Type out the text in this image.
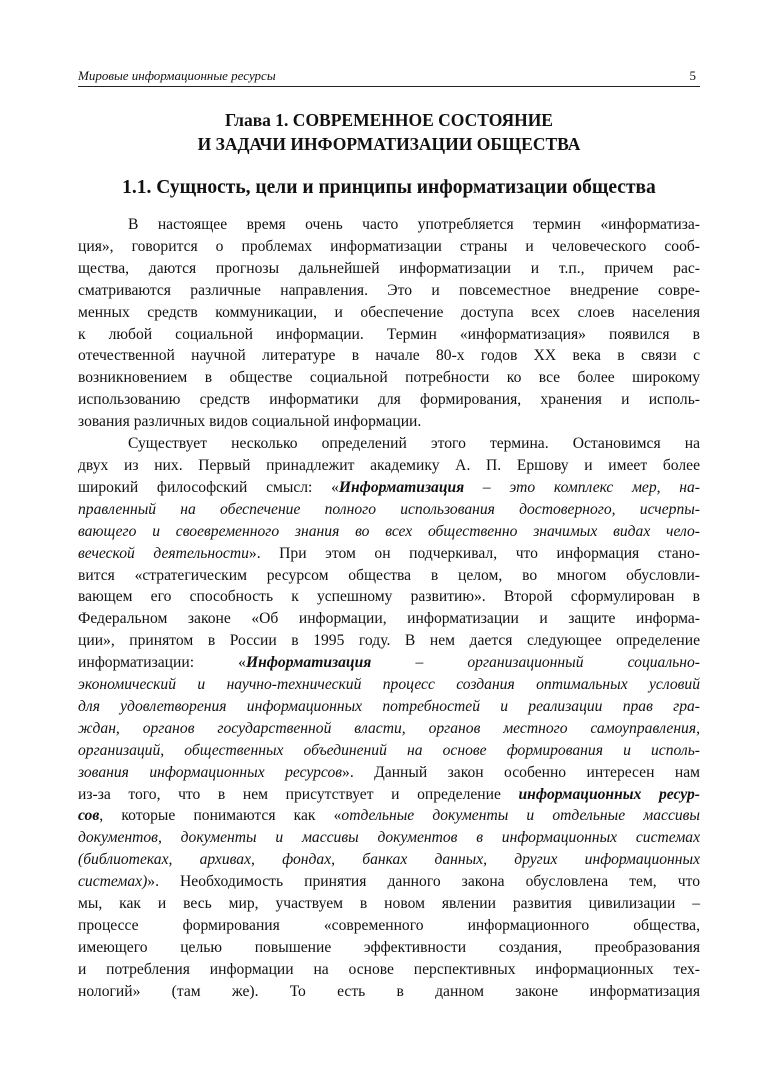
Мировые информационные ресурсы	5
Глава 1. СОВРЕМЕННОЕ СОСТОЯНИЕ
И ЗАДАЧИ ИНФОРМАТИЗАЦИИ ОБЩЕСТВА
1.1. Сущность, цели и принципы информатизации общества
В настоящее время очень часто употребляется термин «информатиза-
ция», говорится о проблемах информатизации страны и человеческого сооб-
щества, даются прогнозы дальнейшей информатизации и т.п., причем рас-
сматриваются различные направления. Это и повсеместное внедрение совре-
менных средств коммуникации, и обеспечение доступа всех слоев населения
к любой социальной информации. Термин «информатизация» появился в
отечественной научной литературе в начале 80-х годов XX века в связи с
возникновением в обществе социальной потребности ко все более широкому
использованию средств информатики для формирования, хранения и исполь-
зования различных видов социальной информации.
Существует несколько определений этого термина. Остановимся на
двух из них. Первый принадлежит академику А. П. Ершову и имеет более
широкий философский смысл: «Информатизация – это комплекс мер, на-
правленный на обеспечение полного использования достоверного, исчерпы-
вающего и своевременного знания во всех общественно значимых видах чело-
веческой деятельности». При этом он подчеркивал, что информация стано-
вится «стратегическим ресурсом общества в целом, во многом обусловли-
вающем его способность к успешному развитию». Второй сформулирован в
Федеральном законе «Об информации, информатизации и защите информа-
ции», принятом в России в 1995 году. В нем дается следующее определение
информатизации: «Информатизация – организационный социально-
экономический и научно-технический процесс создания оптимальных условий
для удовлетворения информационных потребностей и реализации прав гра-
ждан, органов государственной власти, органов местного самоуправления,
организаций, общественных объединений на основе формирования и исполь-
зования информационных ресурсов». Данный закон особенно интересен нам
из-за того, что в нем присутствует и определение информационных ресур-
сов, которые понимаются как «отдельные документы и отдельные массивы
документов, документы и массивы документов в информационных системах
(библиотеках, архивах, фондах, банках данных, других информационных
системах)». Необходимость принятия данного закона обусловлена тем, что
мы, как и весь мир, участвуем в новом явлении развития цивилизации –
процессе формирования «современного информационного общества,
имеющего целью повышение эффективности создания, преобразования
и потребления информации на основе перспективных информационных тех-
нологий» (там же). То есть в данном законе информатизация
